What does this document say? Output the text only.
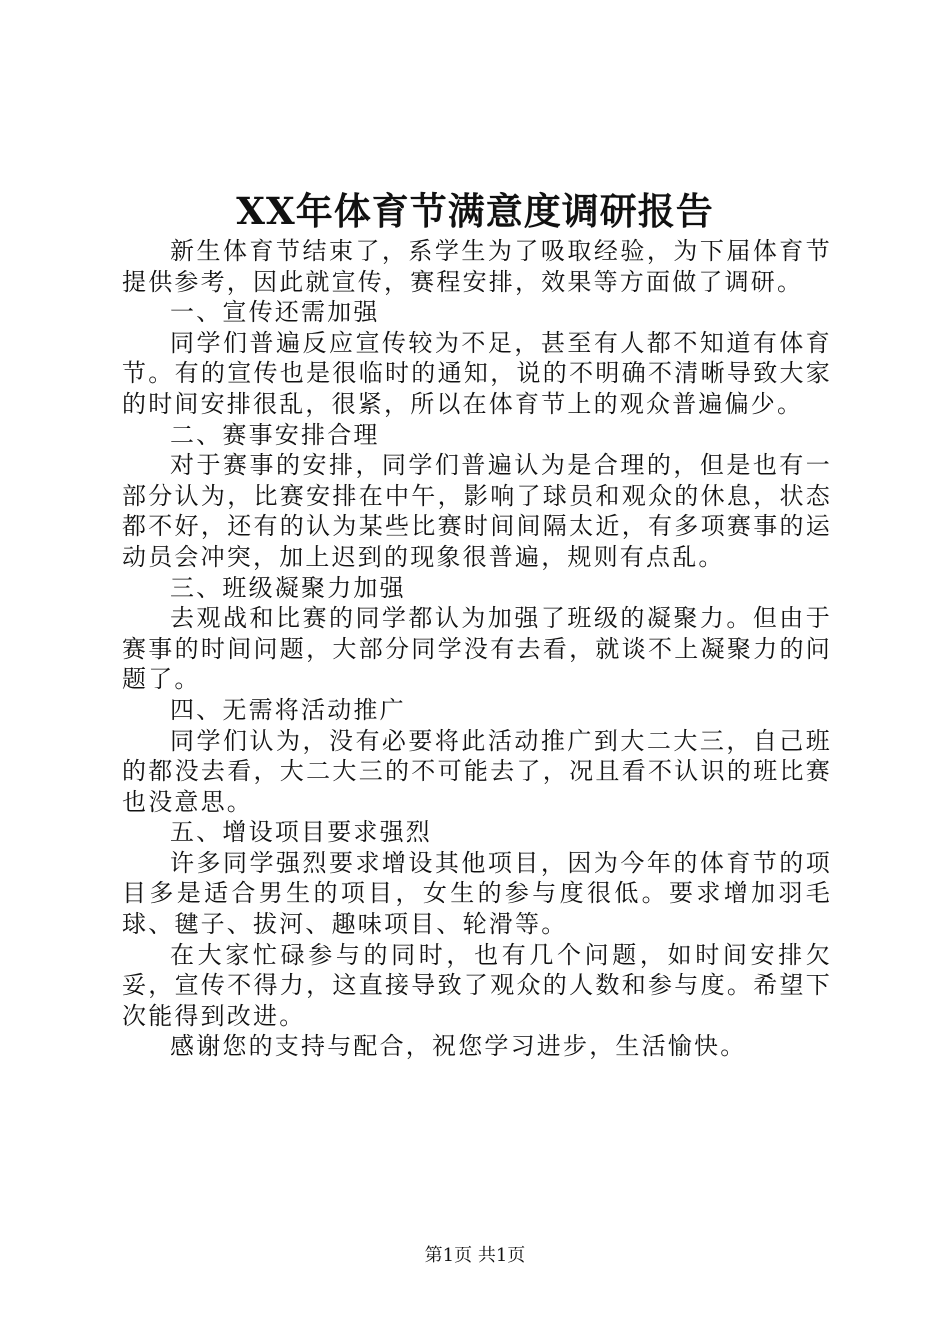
XX年体育节满意度调研报告

新生体育节结束了，系学生为了吸取经验，为下届体育节提供参考，因此就宣传，赛程安排，效果等方面做了调研。

一、宣传还需加强

同学们普遍反应宣传较为不足，甚至有人都不知道有体育节。有的宣传也是很临时的通知，说的不明确不清晰导致大家的时间安排很乱，很紧，所以在体育节上的观众普遍偏少。

二、赛事安排合理

对于赛事的安排，同学们普遍认为是合理的，但是也有一部分认为，比赛安排在中午，影响了球员和观众的休息，状态都不好，还有的认为某些比赛时间间隔太近，有多项赛事的运动员会冲突，加上迟到的现象很普遍，规则有点乱。

三、班级凝聚力加强

去观战和比赛的同学都认为加强了班级的凝聚力。但由于赛事的时间问题，大部分同学没有去看，就谈不上凝聚力的问题了。

四、无需将活动推广

同学们认为，没有必要将此活动推广到大二大三，自己班的都没去看，大二大三的不可能去了，况且看不认识的班比赛也没意思。

五、增设项目要求强烈

许多同学强烈要求增设其他项目，因为今年的体育节的项目多是适合男生的项目，女生的参与度很低。要求增加羽毛球、毽子、拔河、趣味项目、轮滑等。

在大家忙碌参与的同时，也有几个问题，如时间安排欠妥，宣传不得力，这直接导致了观众的人数和参与度。希望下次能得到改进。

感谢您的支持与配合，祝您学习进步，生活愉快。

第1页 共1页
